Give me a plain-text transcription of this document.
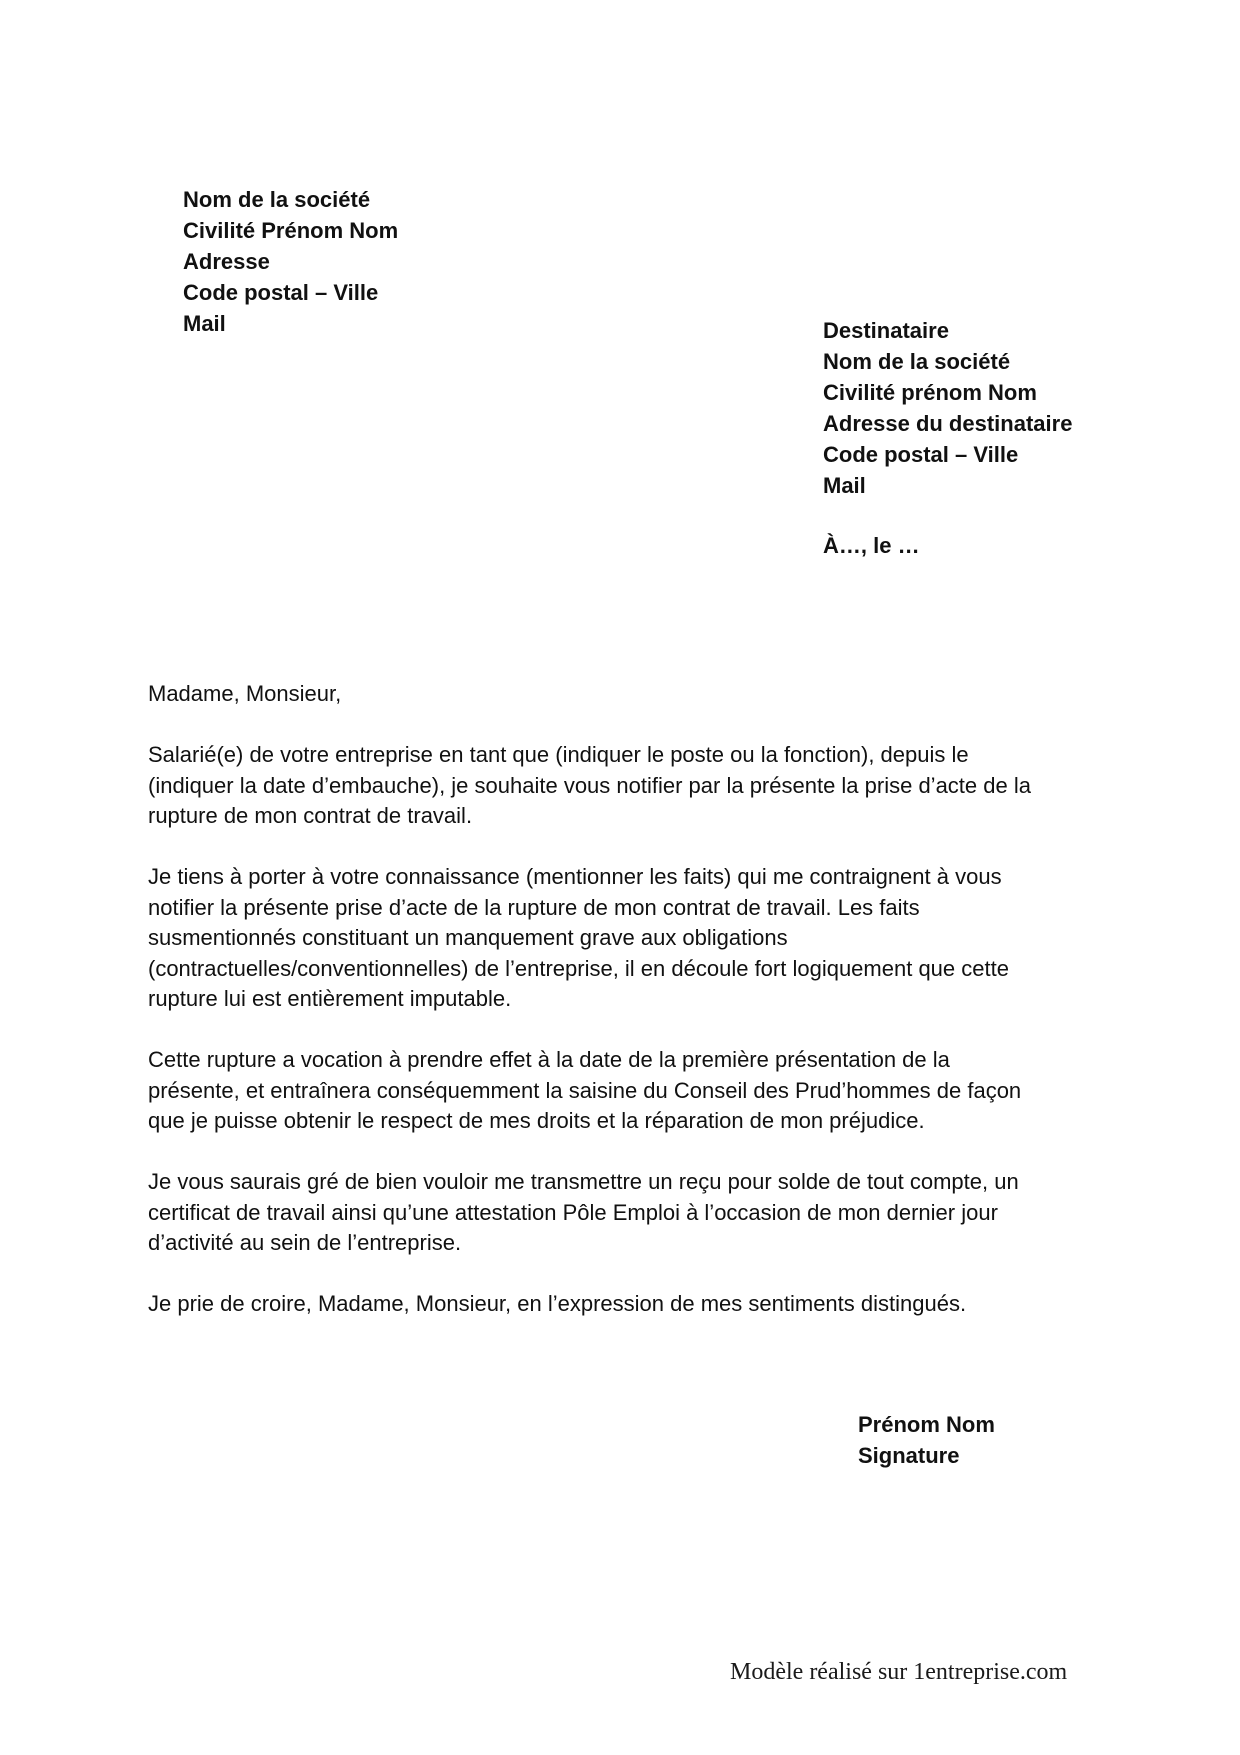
Nom de la société
Civilité Prénom Nom
Adresse
Code postal – Ville
Mail	Destinataire
Nom de la société
Civilité prénom Nom
Adresse du destinataire
Code postal – Ville
Mail
À…, le …
Madame, Monsieur,
Salarié(e) de votre entreprise en tant que (indiquer le poste ou la fonction), depuis le
(indiquer la date d’embauche), je souhaite vous notifier par la présente la prise d’acte de la
rupture de mon contrat de travail.
Je tiens à porter à votre connaissance (mentionner les faits) qui me contraignent à vous
notifier la présente prise d’acte de la rupture de mon contrat de travail. Les faits
susmentionnés constituant un manquement grave aux obligations
(contractuelles/conventionnelles) de l’entreprise, il en découle fort logiquement que cette
rupture lui est entièrement imputable.
Cette rupture a vocation à prendre effet à la date de la première présentation de la
présente, et entraînera conséquemment la saisine du Conseil des Prud’hommes de façon
que je puisse obtenir le respect de mes droits et la réparation de mon préjudice.
Je vous saurais gré de bien vouloir me transmettre un reçu pour solde de tout compte, un
certificat de travail ainsi qu’une attestation Pôle Emploi à l’occasion de mon dernier jour
d’activité au sein de l’entreprise.
Je prie de croire, Madame, Monsieur, en l’expression de mes sentiments distingués.
Prénom Nom
Signature
Modèle réalisé sur 1entreprise.com
